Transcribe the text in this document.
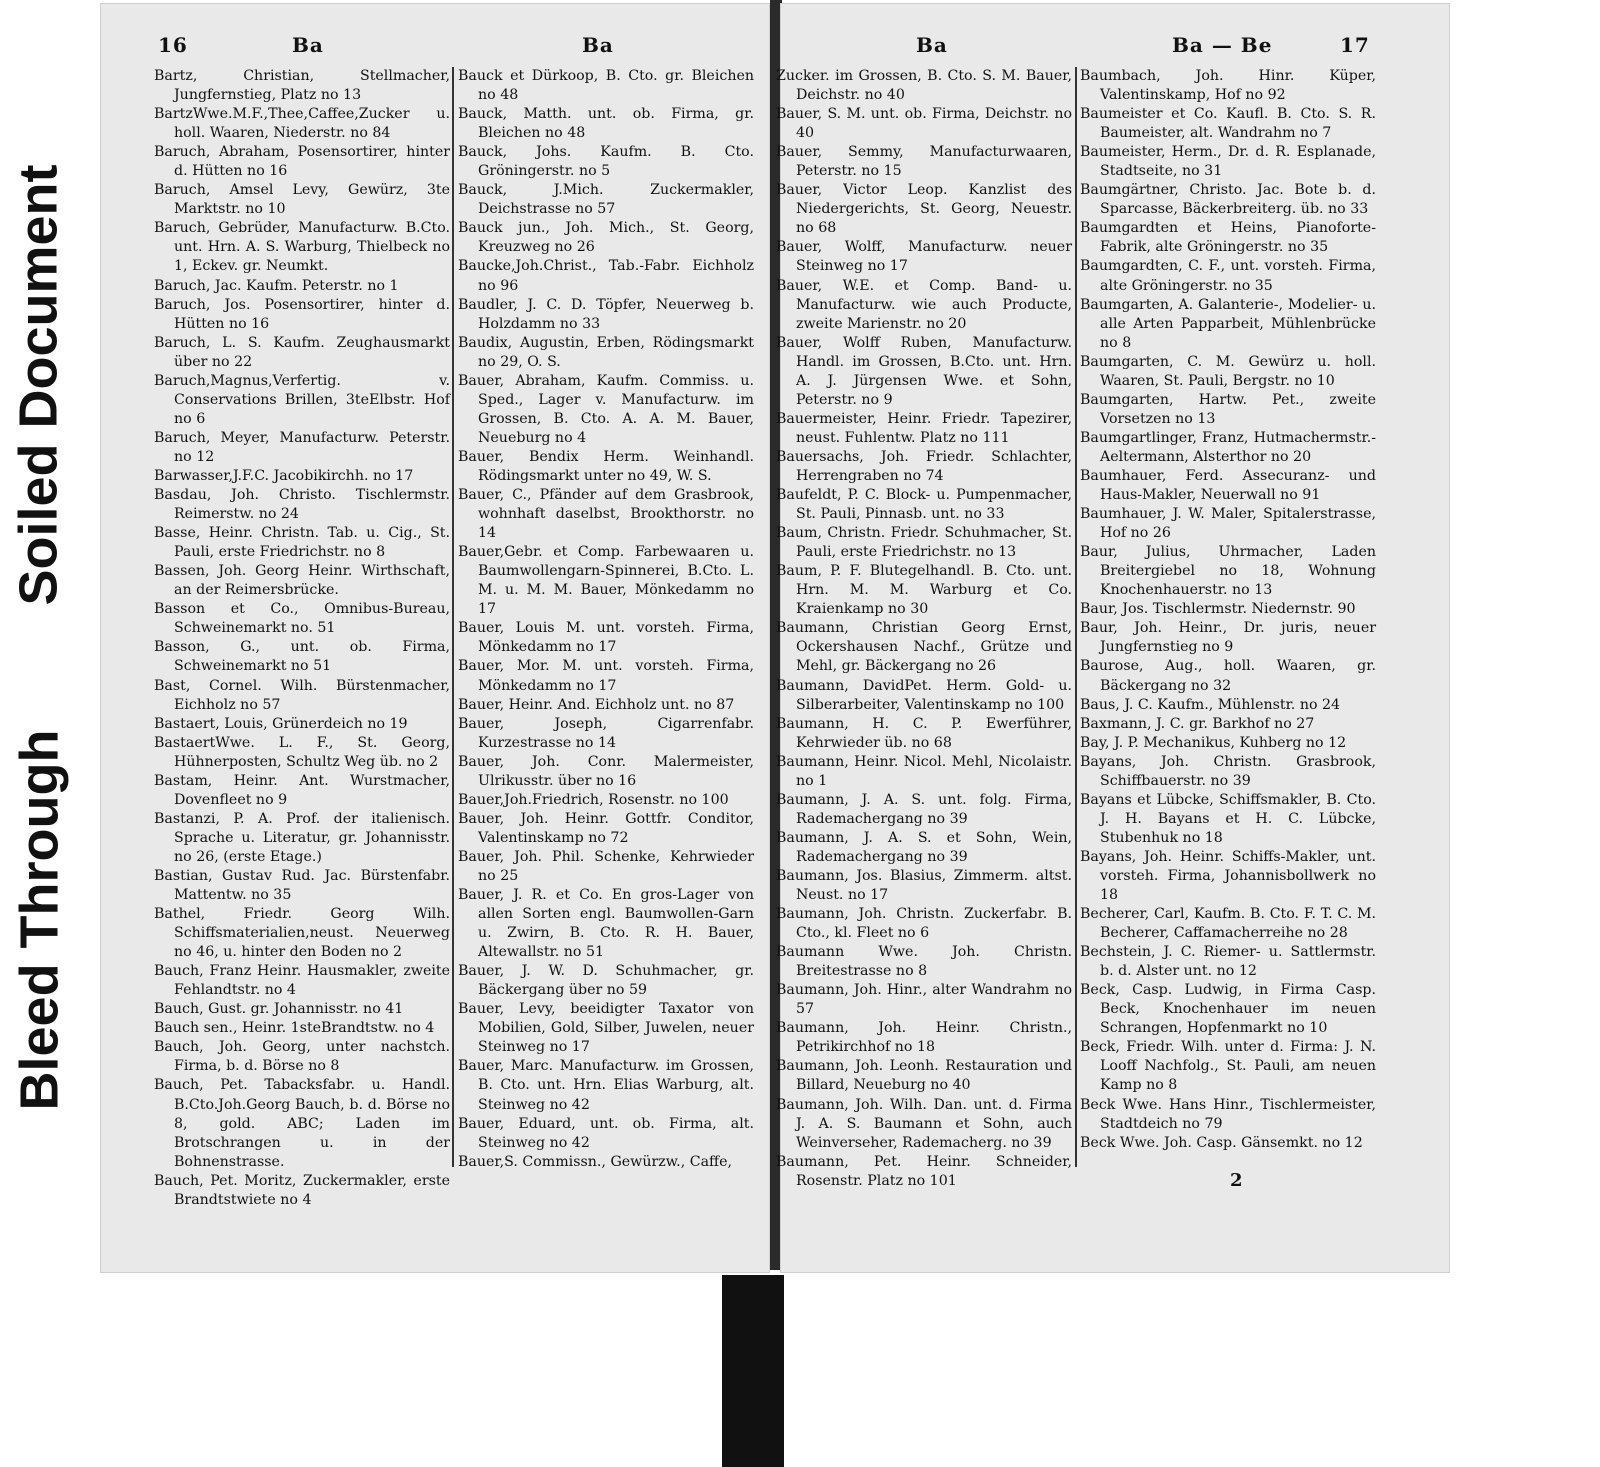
Soiled Document
Bleed Through
16	Ba	Ba
Bartz, Christian, Stellmacher, Jungfernstieg, Platz no 13
BartzWwe.M.F.,Thee,Caffee,Zucker u. holl. Waaren, Niederstr. no 84
Baruch, Abraham, Posensortirer, hinter d. Hütten no 16
Baruch, Amsel Levy, Gewürz, 3te Marktstr. no 10
Baruch, Gebrüder, Manufacturw. B.Cto. unt. Hrn. A. S. Warburg, Thielbeck no 1, Eckev. gr. Neumkt.
Baruch, Jac. Kaufm. Peterstr. no 1
Baruch, Jos. Posensortirer, hinter d. Hütten no 16
Baruch, L. S. Kaufm. Zeughausmarkt über no 22
Baruch,Magnus,Verfertig. v. Conservations Brillen, 3teElbstr. Hof no 6
Baruch, Meyer, Manufacturw. Peterstr. no 12
Barwasser,J.F.C. Jacobikirchh. no 17
Basdau, Joh. Christo. Tischlermstr. Reimerstw. no 24
Basse, Heinr. Christn. Tab. u. Cig., St. Pauli, erste Friedrichstr. no 8
Bassen, Joh. Georg Heinr. Wirthschaft, an der Reimersbrücke.
Basson et Co., Omnibus-Bureau, Schweinemarkt no. 51
Basson, G., unt. ob. Firma, Schweinemarkt no 51
Bast, Cornel. Wilh. Bürstenmacher, Eichholz no 57
Bastaert, Louis, Grünerdeich no 19
BastaertWwe. L. F., St. Georg, Hühnerposten, Schultz Weg üb. no 2
Bastam, Heinr. Ant. Wurstmacher, Dovenfleet no 9
Bastanzi, P. A. Prof. der italienisch. Sprache u. Literatur, gr. Johannisstr. no 26, (erste Etage.)
Bastian, Gustav Rud. Jac. Bürstenfabr. Mattentw. no 35
Bathel, Friedr. Georg Wilh. Schiffsmaterialien,neust. Neuerweg no 46, u. hinter den Boden no 2
Bauch, Franz Heinr. Hausmakler, zweite Fehlandtstr. no 4
Bauch, Gust. gr. Johannisstr. no 41
Bauch sen., Heinr. 1steBrandtstw. no 4
Bauch, Joh. Georg, unter nachstch. Firma, b. d. Börse no 8
Bauch, Pet. Tabacksfabr. u. Handl. B.Cto.Joh.Georg Bauch, b. d. Börse no 8, gold. ABC; Laden im Brotschrangen u. in der Bohnenstrasse.
Bauch, Pet. Moritz, Zuckermakler, erste Brandtstwiete no 4
Bauck et Dürkoop, B. Cto. gr. Bleichen no 48
Bauck, Matth. unt. ob. Firma, gr. Bleichen no 48
Bauck, Johs. Kaufm. B. Cto. Gröningerstr. no 5
Bauck, J.Mich. Zuckermakler, Deichstrasse no 57
Bauck jun., Joh. Mich., St. Georg, Kreuzweg no 26
Baucke,Joh.Christ., Tab.-Fabr. Eichholz no 96
Baudler, J. C. D. Töpfer, Neuerweg b. Holzdamm no 33
Baudix, Augustin, Erben, Rödingsmarkt no 29, O. S.
Bauer, Abraham, Kaufm. Commiss. u. Sped., Lager v. Manufacturw. im Grossen, B. Cto. A. A. M. Bauer, Neueburg no 4
Bauer, Bendix Herm. Weinhandl. Rödingsmarkt unter no 49, W. S.
Bauer, C., Pfänder auf dem Grasbrook, wohnhaft daselbst, Brookthorstr. no 14
Bauer,Gebr. et Comp. Farbewaaren u. Baumwollengarn-Spinnerei, B.Cto. L. M. u. M. M. Bauer, Mönkedamm no 17
Bauer, Louis M. unt. vorsteh. Firma, Mönkedamm no 17
Bauer, Mor. M. unt. vorsteh. Firma, Mönkedamm no 17
Bauer, Heinr. And. Eichholz unt. no 87
Bauer, Joseph, Cigarrenfabr. Kurzestrasse no 14
Bauer, Joh. Conr. Malermeister, Ulrikusstr. über no 16
Bauer,Joh.Friedrich, Rosenstr. no 100
Bauer, Joh. Heinr. Gottfr. Conditor, Valentinskamp no 72
Bauer, Joh. Phil. Schenke, Kehrwieder no 25
Bauer, J. R. et Co. En gros-Lager von allen Sorten engl. Baumwollen-Garn u. Zwirn, B. Cto. R. H. Bauer, Altewallstr. no 51
Bauer, J. W. D. Schuhmacher, gr. Bäckergang über no 59
Bauer, Levy, beeidigter Taxator von Mobilien, Gold, Silber, Juwelen, neuer Steinweg no 17
Bauer, Marc. Manufacturw. im Grossen, B. Cto. unt. Hrn. Elias Warburg, alt. Steinweg no 42
Bauer, Eduard, unt. ob. Firma, alt. Steinweg no 42
Bauer,S. Commissn., Gewürzw., Caffe,
Ba	Ba — Be	17
Zucker. im Grossen, B. Cto. S. M. Bauer, Deichstr. no 40
Bauer, S. M. unt. ob. Firma, Deichstr. no 40
Bauer, Semmy, Manufacturwaaren, Peterstr. no 15
Bauer, Victor Leop. Kanzlist des Niedergerichts, St. Georg, Neuestr. no 68
Bauer, Wolff, Manufacturw. neuer Steinweg no 17
Bauer, W.E. et Comp. Band- u. Manufacturw. wie auch Producte, zweite Marienstr. no 20
Bauer, Wolff Ruben, Manufacturw. Handl. im Grossen, B.Cto. unt. Hrn. A. J. Jürgensen Wwe. et Sohn, Peterstr. no 9
Bauermeister, Heinr. Friedr. Tapezirer, neust. Fuhlentw. Platz no 111
Bauersachs, Joh. Friedr. Schlachter, Herrengraben no 74
Baufeldt, P. C. Block- u. Pumpenmacher, St. Pauli, Pinnasb. unt. no 33
Baum, Christn. Friedr. Schuhmacher, St. Pauli, erste Friedrichstr. no 13
Baum, P. F. Blutegelhandl. B. Cto. unt. Hrn. M. M. Warburg et Co. Kraienkamp no 30
Baumann, Christian Georg Ernst, Ockershausen Nachf., Grütze und Mehl, gr. Bäckergang no 26
Baumann, DavidPet. Herm. Gold- u. Silberarbeiter, Valentinskamp no 100
Baumann, H. C. P. Ewerführer, Kehrwieder üb. no 68
Baumann, Heinr. Nicol. Mehl, Nicolaistr. no 1
Baumann, J. A. S. unt. folg. Firma, Rademachergang no 39
Baumann, J. A. S. et Sohn, Wein, Rademachergang no 39
Baumann, Jos. Blasius, Zimmerm. altst. Neust. no 17
Baumann, Joh. Christn. Zuckerfabr. B. Cto., kl. Fleet no 6
Baumann Wwe. Joh. Christn. Breitestrasse no 8
Baumann, Joh. Hinr., alter Wandrahm no 57
Baumann, Joh. Heinr. Christn., Petrikirchhof no 18
Baumann, Joh. Leonh. Restauration und Billard, Neueburg no 40
Baumann, Joh. Wilh. Dan. unt. d. Firma J. A. S. Baumann et Sohn, auch Weinverseher, Rademacherg. no 39
Baumann, Pet. Heinr. Schneider, Rosenstr. Platz no 101
Baumbach, Joh. Hinr. Küper, Valentinskamp, Hof no 92
Baumeister et Co. Kaufl. B. Cto. S. R. Baumeister, alt. Wandrahm no 7
Baumeister, Herm., Dr. d. R. Esplanade, Stadtseite, no 31
Baumgärtner, Christo. Jac. Bote b. d. Sparcasse, Bäckerbreiterg. üb. no 33
Baumgardten et Heins, Pianoforte-Fabrik, alte Gröningerstr. no 35
Baumgardten, C. F., unt. vorsteh. Firma, alte Gröningerstr. no 35
Baumgarten, A. Galanterie-, Modelier- u. alle Arten Papparbeit, Mühlenbrücke no 8
Baumgarten, C. M. Gewürz u. holl. Waaren, St. Pauli, Bergstr. no 10
Baumgarten, Hartw. Pet., zweite Vorsetzen no 13
Baumgartlinger, Franz, Hutmachermstr.-Aeltermann, Alsterthor no 20
Baumhauer, Ferd. Assecuranz- und Haus-Makler, Neuerwall no 91
Baumhauer, J. W. Maler, Spitalerstrasse, Hof no 26
Baur, Julius, Uhrmacher, Laden Breitergiebel no 18, Wohnung Knochenhauerstr. no 13
Baur, Jos. Tischlermstr. Niedernstr. 90
Baur, Joh. Heinr., Dr. juris, neuer Jungfernstieg no 9
Baurose, Aug., holl. Waaren, gr. Bäckergang no 32
Baus, J. C. Kaufm., Mühlenstr. no 24
Baxmann, J. C. gr. Barkhof no 27
Bay, J. P. Mechanikus, Kuhberg no 12
Bayans, Joh. Christn. Grasbrook, Schiffbauerstr. no 39
Bayans et Lübcke, Schiffsmakler, B. Cto. J. H. Bayans et H. C. Lübcke, Stubenhuk no 18
Bayans, Joh. Heinr. Schiffs-Makler, unt. vorsteh. Firma, Johannisbollwerk no 18
Becherer, Carl, Kaufm. B. Cto. F. T. C. M. Becherer, Caffamacherreihe no 28
Bechstein, J. C. Riemer- u. Sattlermstr. b. d. Alster unt. no 12
Beck, Casp. Ludwig, in Firma Casp. Beck, Knochenhauer im neuen Schrangen, Hopfenmarkt no 10
Beck, Friedr. Wilh. unter d. Firma: J. N. Looff Nachfolg., St. Pauli, am neuen Kamp no 8
Beck Wwe. Hans Hinr., Tischlermeister, Stadtdeich no 79
Beck Wwe. Joh. Casp. Gänsemkt. no 12
2
